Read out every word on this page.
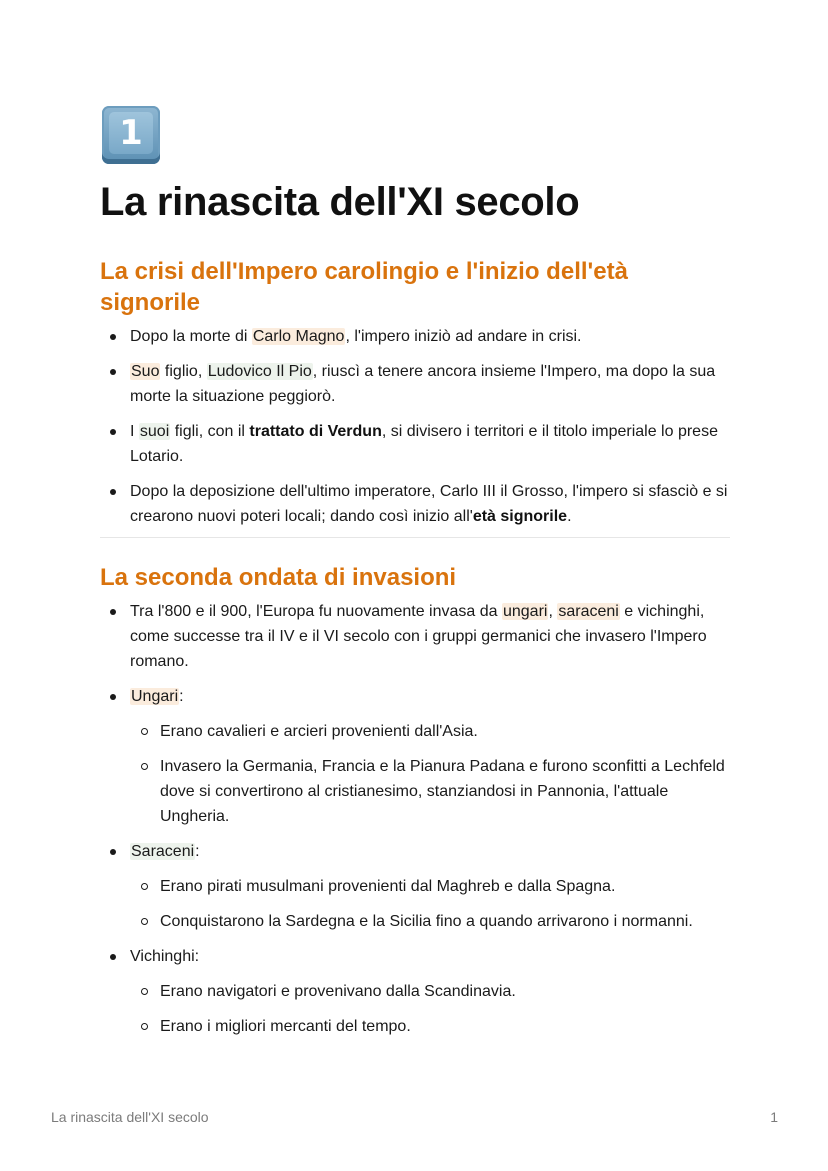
1
La rinascita dell'XI secolo
La crisi dell'Impero carolingio e l'inizio dell'età signorile
Dopo la morte di Carlo Magno, l'impero iniziò ad andare in crisi.
Suo figlio, Ludovico Il Pio, riuscì a tenere ancora insieme l'Impero, ma dopo la sua morte la situazione peggiorò.
I suoi figli, con il trattato di Verdun, si divisero i territori e il titolo imperiale lo prese Lotario.
Dopo la deposizione dell'ultimo imperatore, Carlo III il Grosso, l'impero si sfasciò e si crearono nuovi poteri locali; dando così inizio all'età signorile.
La seconda ondata di invasioni
Tra l'800 e il 900, l'Europa fu nuovamente invasa da ungari, saraceni e vichinghi, come successe tra il IV e il VI secolo con i gruppi germanici che invasero l'Impero romano.
Ungari:
Erano cavalieri e arcieri provenienti dall'Asia.
Invasero la Germania, Francia e la Pianura Padana e furono sconfitti a Lechfeld dove si convertirono al cristianesimo, stanziandosi in Pannonia, l'attuale Ungheria.
Saraceni:
Erano pirati musulmani provenienti dal Maghreb e dalla Spagna.
Conquistarono la Sardegna e la Sicilia fino a quando arrivarono i normanni.
Vichinghi:
Erano navigatori e provenivano dalla Scandinavia.
Erano i migliori mercanti del tempo.
La rinascita dell'XI secolo	1
